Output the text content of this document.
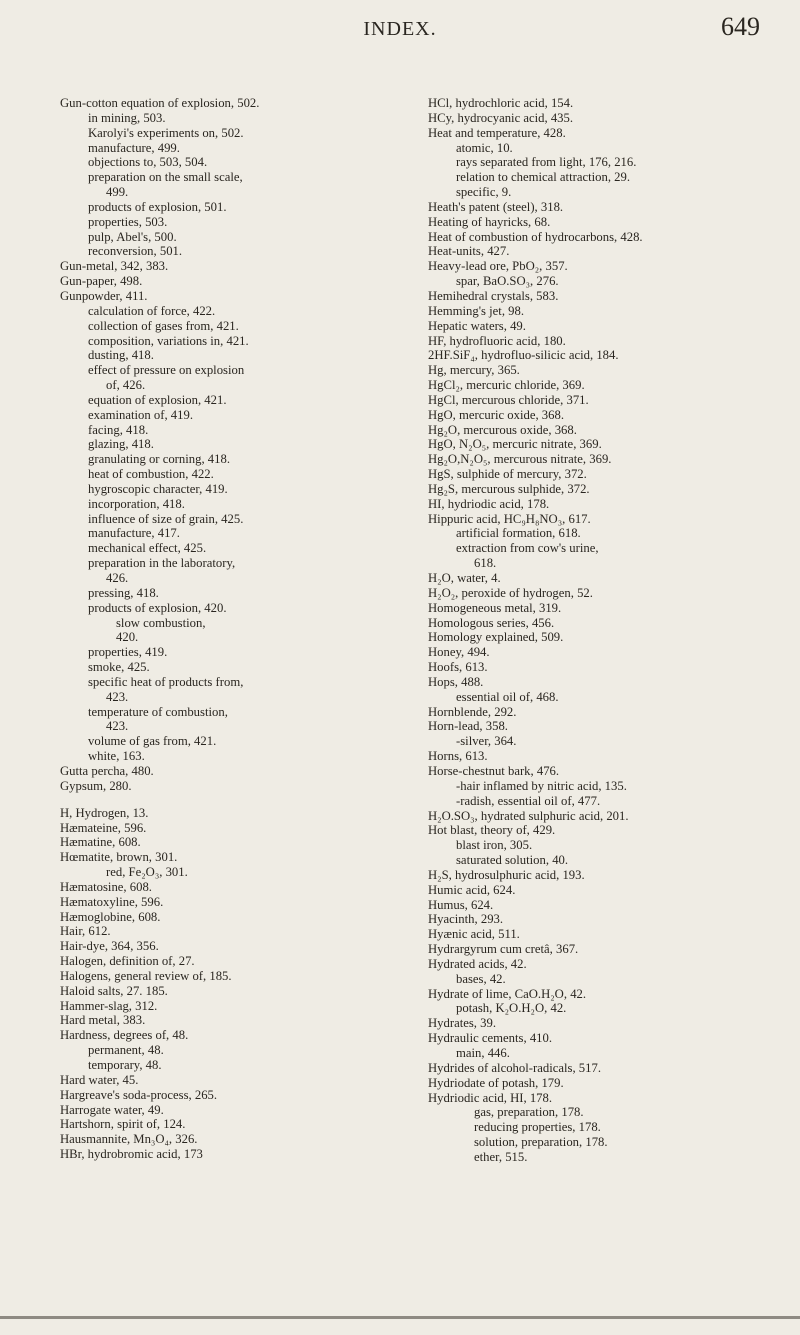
INDEX.	649
Gun-cotton equation of explosion, 502.
in mining, 503.
Karolyi's experiments on, 502.
manufacture, 499.
objections to, 503, 504.
preparation on the small scale,
499.
products of explosion, 501.
properties, 503.
pulp, Abel's, 500.
reconversion, 501.
Gun-metal, 342, 383.
Gun-paper, 498.
Gunpowder, 411.
calculation of force, 422.
collection of gases from, 421.
composition, variations in, 421.
dusting, 418.
effect of pressure on explosion
of, 426.
equation of explosion, 421.
examination of, 419.
facing, 418.
glazing, 418.
granulating or corning, 418.
heat of combustion, 422.
hygroscopic character, 419.
incorporation, 418.
influence of size of grain, 425.
manufacture, 417.
mechanical effect, 425.
preparation in the laboratory,
426.
pressing, 418.
products of explosion, 420.
slow combustion,
420.
properties, 419.
smoke, 425.
specific heat of products from,
423.
temperature of combustion,
423.
volume of gas from, 421.
white, 163.
Gutta percha, 480.
Gypsum, 280.
H, Hydrogen, 13.
Hæmateine, 596.
Hæmatine, 608.
Hœmatite, brown, 301.
red, Fe₂O₃, 301.
Hæmatosine, 608.
Hæmatoxyline, 596.
Hæmoglobine, 608.
Hair, 612.
Hair-dye, 364, 356.
Halogen, definition of, 27.
Halogens, general review of, 185.
Haloid salts, 27. 185.
Hammer-slag, 312.
Hard metal, 383.
Hardness, degrees of, 48.
permanent, 48.
temporary, 48.
Hard water, 45.
Hargreave's soda-process, 265.
Harrogate water, 49.
Hartshorn, spirit of, 124.
Hausmannite, Mn₃O₄, 326.
HBr, hydrobromic acid, 173
HCl, hydrochloric acid, 154.
HCy, hydrocyanic acid, 435.
Heat and temperature, 428.
atomic, 10.
rays separated from light, 176, 216.
relation to chemical attraction, 29.
specific, 9.
Heath's patent (steel), 318.
Heating of hayricks, 68.
Heat of combustion of hydrocarbons, 428.
Heat-units, 427.
Heavy-lead ore, PbO₂, 357.
spar, BaO.SO₃, 276.
Hemihedral crystals, 583.
Hemming's jet, 98.
Hepatic waters, 49.
HF, hydrofluoric acid, 180.
2HF.SiF₄, hydrofluo-silicic acid, 184.
Hg, mercury, 365.
HgCl₂, mercuric chloride, 369.
HgCl, mercurous chloride, 371.
HgO, mercuric oxide, 368.
Hg₂O, mercurous oxide, 368.
HgO, N₂O₅, mercuric nitrate, 369.
Hg₂O,N₂O₅, mercurous nitrate, 369.
HgS, sulphide of mercury, 372.
Hg₂S, mercurous sulphide, 372.
HI, hydriodic acid, 178.
Hippuric acid, HC₉H₈NO₃, 617.
artificial formation, 618.
extraction from cow's urine,
618.
H₂O, water, 4.
H₂O₂, peroxide of hydrogen, 52.
Homogeneous metal, 319.
Homologous series, 456.
Homology explained, 509.
Honey, 494.
Hoofs, 613.
Hops, 488.
essential oil of, 468.
Hornblende, 292.
Horn-lead, 358.
-silver, 364.
Horns, 613.
Horse-chestnut bark, 476.
-hair inflamed by nitric acid, 135.
-radish, essential oil of, 477.
H₂O.SO₃, hydrated sulphuric acid, 201.
Hot blast, theory of, 429.
blast iron, 305.
saturated solution, 40.
H₂S, hydrosulphuric acid, 193.
Humic acid, 624.
Humus, 624.
Hyacinth, 293.
Hyænic acid, 511.
Hydrargyrum cum cretâ, 367.
Hydrated acids, 42.
bases, 42.
Hydrate of lime, CaO.H₂O, 42.
potash, K₂O.H₂O, 42.
Hydrates, 39.
Hydraulic cements, 410.
main, 446.
Hydrides of alcohol-radicals, 517.
Hydriodate of potash, 179.
Hydriodic acid, HI, 178.
gas, preparation, 178.
reducing properties, 178.
solution, preparation, 178.
ether, 515.
